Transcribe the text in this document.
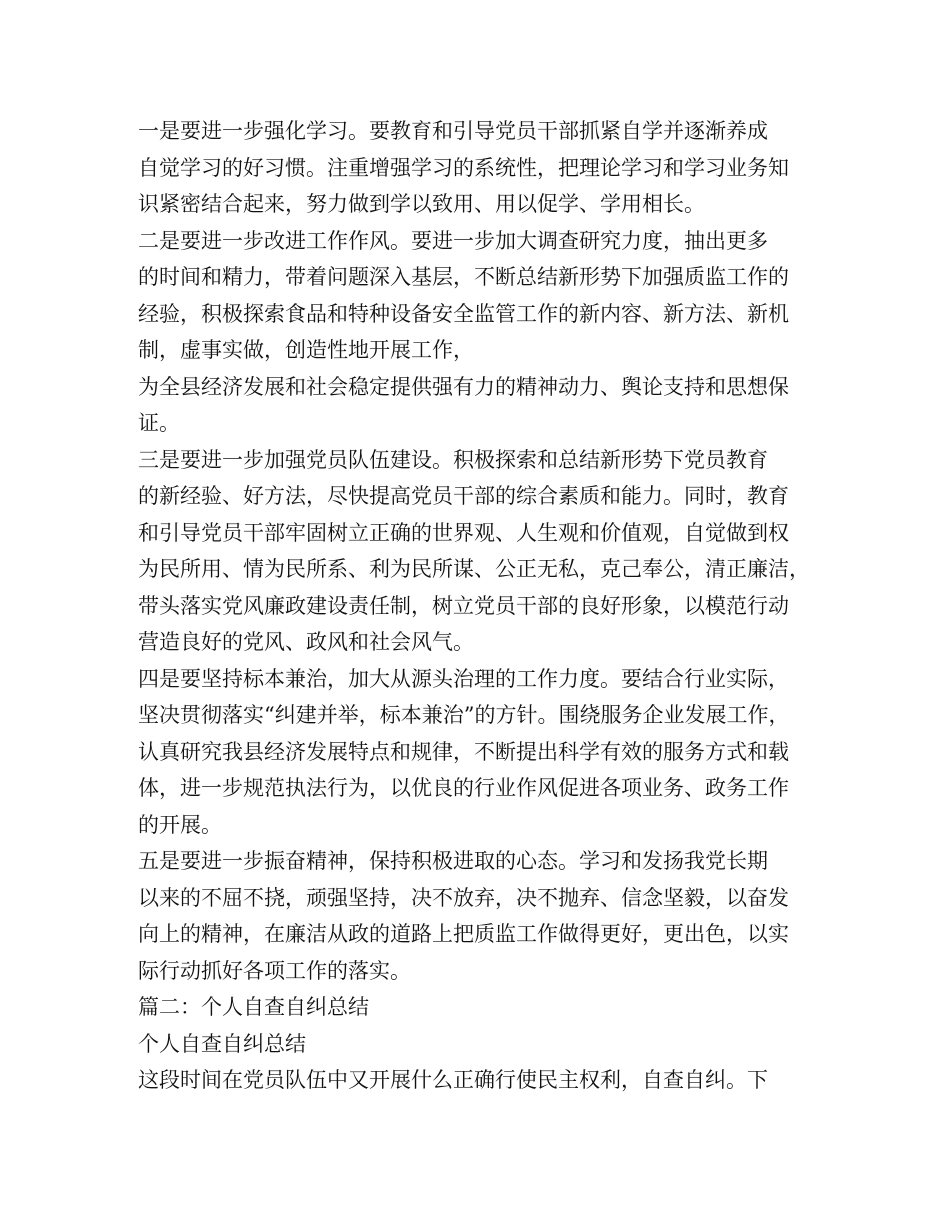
一是要进一步强化学习。要教育和引导党员干部抓紧自学并逐渐养成
自觉学习的好习惯。注重增强学习的系统性，把理论学习和学习业务知
识紧密结合起来，努力做到学以致用、用以促学、学用相长。
二是要进一步改进工作作风。要进一步加大调查研究力度，抽出更多
的时间和精力，带着问题深入基层，不断总结新形势下加强质监工作的
经验，积极探索食品和特种设备安全监管工作的新内容、新方法、新机
制，虚事实做，创造性地开展工作，
为全县经济发展和社会稳定提供强有力的精神动力、舆论支持和思想保
证。
三是要进一步加强党员队伍建设。积极探索和总结新形势下党员教育
的新经验、好方法，尽快提高党员干部的综合素质和能力。同时，教育
和引导党员干部牢固树立正确的世界观、人生观和价值观，自觉做到权
为民所用、情为民所系、利为民所谋、公正无私，克己奉公，清正廉洁，
带头落实党风廉政建设责任制，树立党员干部的良好形象，以模范行动
营造良好的党风、政风和社会风气。
四是要坚持标本兼治，加大从源头治理的工作力度。要结合行业实际，
坚决贯彻落实“纠建并举，标本兼治”的方针。围绕服务企业发展工作，
认真研究我县经济发展特点和规律，不断提出科学有效的服务方式和载
体，进一步规范执法行为，以优良的行业作风促进各项业务、政务工作
的开展。
五是要进一步振奋精神，保持积极进取的心态。学习和发扬我党长期
以来的不屈不挠，顽强坚持，决不放弃，决不抛弃、信念坚毅，以奋发
向上的精神，在廉洁从政的道路上把质监工作做得更好，更出色，以实
际行动抓好各项工作的落实。
篇二：个人自查自纠总结
个人自查自纠总结
这段时间在党员队伍中又开展什么正确行使民主权利，自查自纠。下
